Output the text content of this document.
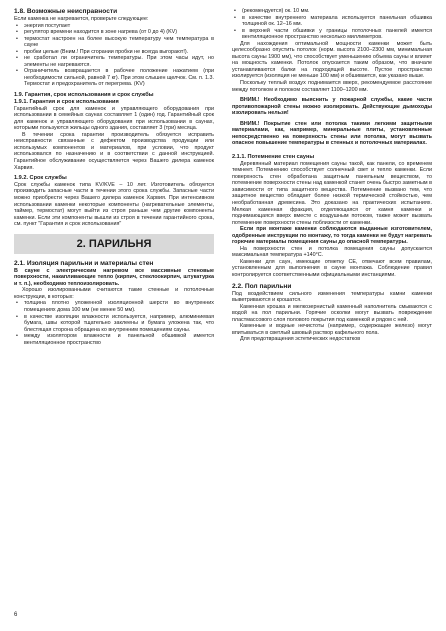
1.8. Возможные неисправности

Если каменка не нагревается, проверьте следующее:

• энергия поступает
• регулятор времени находится в зоне нагрева (от 0 до 4) (KV)
• термостат настроен на более высокую температуру чем температура в сауне
• пробки целые (Вним.! При сгорании пробки не всегда выгорают!).
• не сработал ли ограничитель температуры. При этом часы идут, но элементы не нагреваются.
• Ограничитель возвращается в рабочее положение нажатием (при необходимости сильной, равной 7 кг). При этом слышен щелчок. См. п. 1.3. Термостат и предохранитель от перегрева. (KV)

1.9. Гарантия, срок использования и срок службы

1.9.1. Гарантия и срок использования

Гарантийный срок для каменок и управляющего оборудования при использовании в семейных саунах составляет 1 (один) год. Гарантийный срок для каменок и управляющего оборудования при использовании в саунах, которыми пользуются жильцы одного здания, составляет 3 (три) месяца.

В течении срока гарантии производитель обязуется исправить неисправности связанные с дефектом производства продукции или использумых компонентов и материалов, при условии, что продукт использовался по назначению и в соответствии с данной инструкцией. Гарантийное обслуживание осуществляется через Вашего дилера каменок Харвия.

1.9.2. Срок службы

Срок службы каменок типа KV/KVE – 10 лет. Изготовитель обязуется производить запасные части в течении этого срока службы. Запасные части можно приобрести через Вашего дилера каменок Харвия. При интенсивном использовании каменки некоторые компоненты (нагревательные элементы, таймер, термостат) могут выйти из строя раньше чем другие компоненты каменки. Если эти компоненты вышли из строя в течении гарантийного срока, см. пункт "Гарантия и срок использования"

2. ПАРИЛЬНЯ

2.1. Изоляция парильни и материалы стен

В сауне с электрическим нагревом все массивные стеновые поверхности, накапливающие тепло (кирпич, стеклоокирпич, штукатурка и т. п.), необходимо теплоизолировать.

Хорошо изолированными считаются такие стенные и потолочные конструкции, в которых:

• толщина плотно уложенной изоляционной шерсти во внутренних помещениях дома 100 мм (не менее 50 мм).
• в качестве изоляции влажности используется, например, алюминиевая бумага, швы которой тщательно заклеены и бумага уложена так, что блестящая сторона обращена ко внутренним помещениям сауны.
• между изолятором влажности и панельной обшивкой имеется вентиляционное пространство
• (рекомендуется) ок. 10 мм.
• в качестве внутреннего материала используется панельная обшивка толщиной ок. 12–16 мм.
• в верхней части обшивки у границы потолочных панелей имеется вентиляционное пространство несколько миллиметров.

Для нахождения оптимальной мощности каменки может быть целесообразно опустить потолок (норм. высота 2100–2300 мм, минимальная высота сауны 1900 мм), что способствует уменьшению объема сауны и влияет на мощность каменки. Потолок опускается таким образом, что вначале устанавливаются балки на подходящей высоте. Пустое пространство изолируется (изоляция не меньше 100 мм) и обшивается, как указано выше.

Поскольку теплый воздух поднимается вверх, рекомендуемое расстояние между потолком и полоком составляет 1100–1200 мм.

ВНИМ.! Необходимо выяснить у пожарной службы, какие части противопожарной стены можно изолировать. Действующие дымоходы изолировать нельзя!

ВНИМ.! Покрытие стен или потолка такими легкими защитными материалами, как, например, минеральные плиты, установленные непосредственно на поверхность стены или потолка, могут вызвать опасное повышение температуры в стенных и потолочных материалах.

2.1.1. Потемнение стен сауны

Деревянный материал помещения сауны такой, как панели, со временем темнеет. Потемнению способствует солнечный свет и тепло каменки. Если поверхность стен обработана защитным панельным веществом, то потемнение поверхности стены над каменкой станет очень быстро заметным в зависимости от типа защитного вещества. Потемнение вызвано тем, что защитное вещество обладает более низкой термической стойкостью, чем необработанная древесина. Это доказано на практических испытаниях. Мелкая каменная фракция, отделяющаяся от камня каменки и поднимающаяся вверх вместе с воздушным потоком, также может вызвать потемнение поверхности стены поблизости от каменки.

Если при монтаже каменки соблюдаются выданные изготовителем, одобренные инструкции по монтажу, то тогда каменки не будут нагревать горючие материалы помещения сауны до опасной температуры.

На поверхности стен и потолка помещения сауны допускается максимальная температура +140°C.

Каменки для саун, имеющие отметку CE, отвечают всем правилам, установленным для выполнения в сауне монтажа. Соблюдение правил контролируется соответственными официальными инстанциями.

2.2. Пол парильни

Под воздействием сильного изменения температуры камни каменки выветриваются и крошатся.

Каменная крошка и мелкозернистый каменный наполнитель смываются с водой на пол парильни. Горячие осколки могут вызвать повреждение пластмассового слоя полового покрытия под каменкой и рядом с ней.

Каменные и водные нечистоты (например, содержащие железо) могут впитываться в светлый швовый раствор кафельного пола.

Для предотвращения эстетических недостатков

6
